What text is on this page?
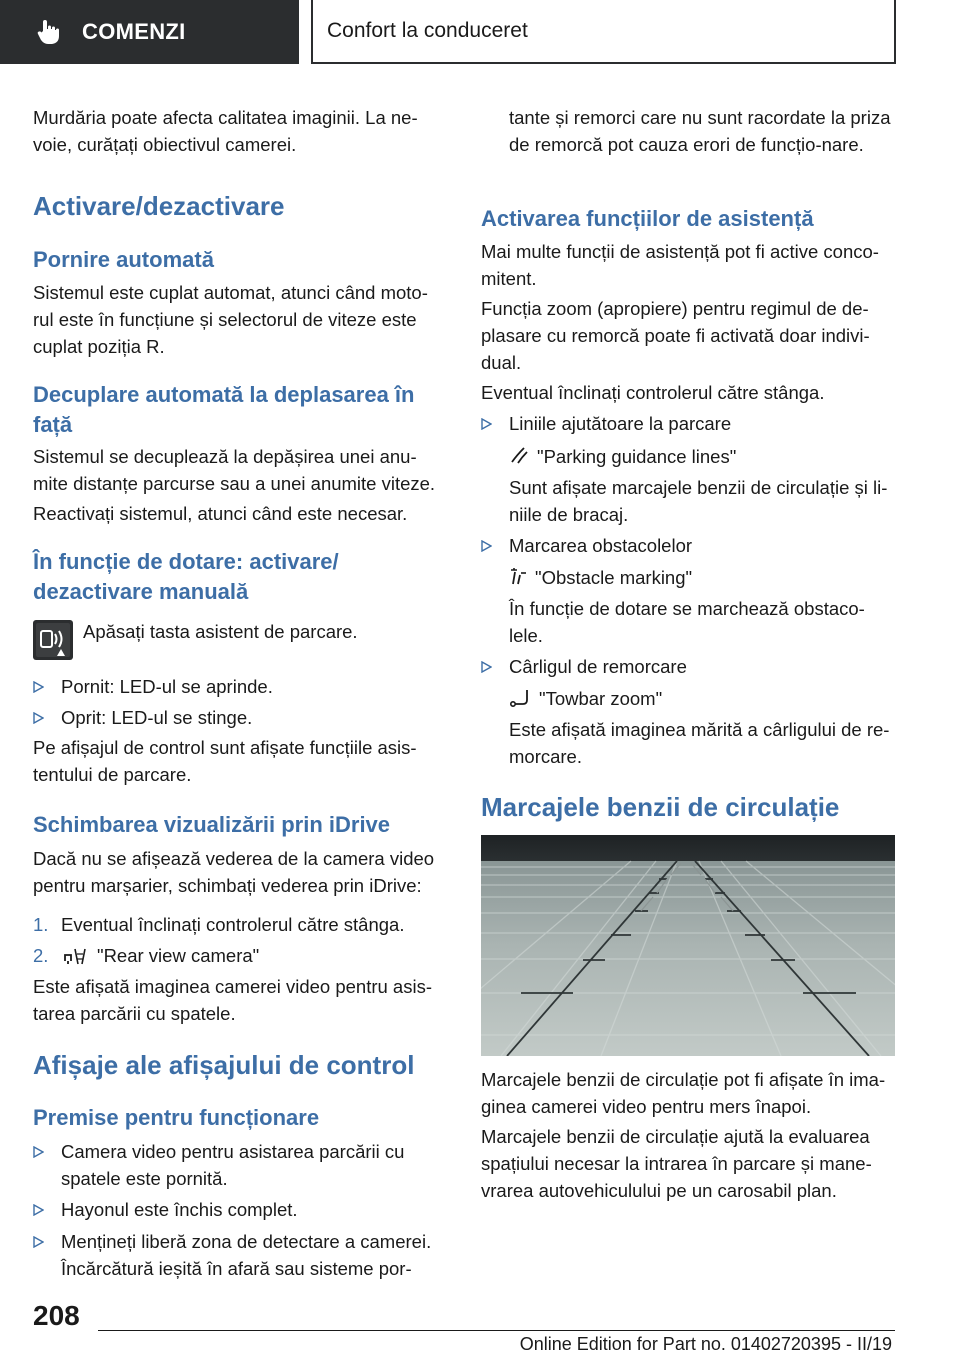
COMENZI	Confort la conduceret

Murdăria poate afecta calitatea imaginii. La ne-voie, curățați obiectivul camerei.

Activare/dezactivare
Pornire automată

Sistemul este cuplat automat, atunci când moto-rul este în funcțiune și selectorul de viteze este cuplat poziția R.

Decuplare automată la deplasarea în față

Sistemul se decuplează la depășirea unei anu-mite distanțe parcurse sau a unei anumite viteze.

Reactivați sistemul, atunci când este necesar.

În funcție de dotare: activare/ dezactivare manuală

Apăsați tasta asistent de parcare.

Pornit: LED-ul se aprinde.
Oprit: LED-ul se stinge.

Pe afișajul de control sunt afișate funcțiile asis-tentului de parcare.

Schimbarea vizualizării prin iDrive

Dacă nu se afișează vederea de la camera video pentru marșarier, schimbați vederea prin iDrive:

1. Eventual înclinați controlerul către stânga.
2.	"Rear view camera"

Este afișată imaginea camerei video pentru asis-tarea parcării cu spatele.

Afișaje ale afișajului de control
Premise pentru funcționare
Camera video pentru asistarea parcării cu spatele este pornită.
Hayonul este închis complet.
Mențineți liberă zona de detectare a camerei. Încărcătură ieșită în afară sau sisteme por-

tante și remorci care nu sunt racordate la priza de remorcă pot cauza erori de funcțio-nare.

Activarea funcțiilor de asistență

Mai multe funcții de asistență pot fi active conco-mitent.

Funcția zoom (apropiere) pentru regimul de de-plasare cu remorcă poate fi activată doar indivi-dual.

Eventual înclinați controlerul către stânga.

Liniile ajutătoare la parcare

"Parking guidance lines"

Sunt afișate marcajele benzii de circulație și li-niile de bracaj.

Marcarea obstacolelor

"Obstacle marking"

În funcție de dotare se marchează obstaco-lele.

Cârligul de remorcare

"Towbar zoom"

Este afișată imaginea mărită a cârligului de re-morcare.

Marcajele benzii de circulație

Marcajele benzii de circulație pot fi afișate în ima-ginea camerei video pentru mers înapoi.

Marcajele benzii de circulație ajută la evaluarea spațiului necesar la intrarea în parcare și mane-vrarea autovehiculului pe un carosabil plan.

208
Online Edition for Part no. 01402720395 - II/19
